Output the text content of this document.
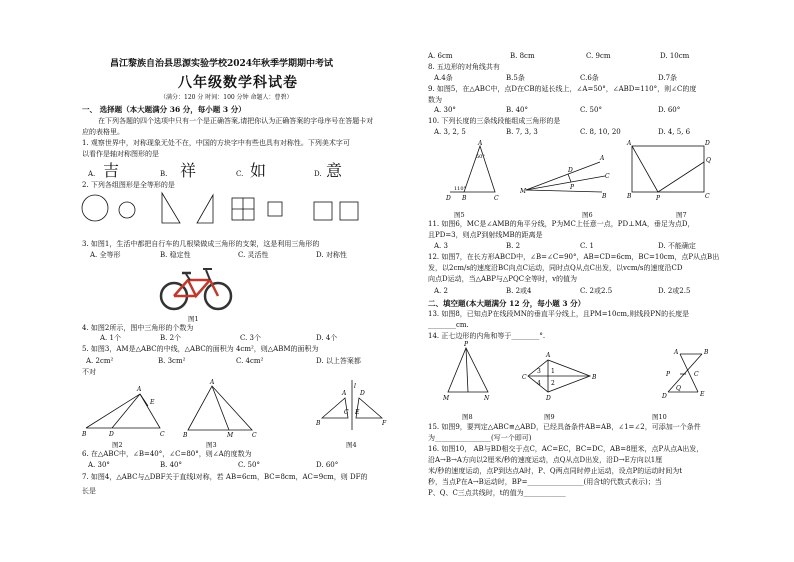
昌江黎族自治县思源实验学校2024年秋季学期期中考试
八年级数学科试卷
（满分：120 分 时间：100 分钟 命题人：曹碧）
一、 选择题（本大题满分 36 分，每小题 3 分）
在下列各题的四个选项中只有一个是正确答案,请把你认为正确答案的字母序号在答题卡对
应的表格里。
1. 观察世界中，对称现象无处不在，中国的方块字中有些也具有对称性。下列美术字可
以看作是轴对称图形的是
A. 吉	B. 祥	C. 如	D. 意
2. 下列各组图形是全等形的是
3. 如图1，生活中都把自行车的几根梁做成三角形的支架，这是利用三角形的
A. 全等形	B. 稳定性	C. 灵活性	D. 对称性
图1
4. 如图2所示，图中三角形的个数为
A. 1个	B. 2个	C. 3个	D. 4个
5. 如图3，AM是△ABC的中线，△ABC的面积为 4cm²，则△ABM的面积为
A. 2cm²	B. 3cm²	C. 4cm²	D. 以上答案都
不对
A
B	D	C
E
A
B	M	C
A D
B	F
C E
l
图2	图3	图4
6. 在△ABC中，∠B=40°，∠C=80°，则∠A的度数为
A. 30°	B. 40°	C. 50°	D. 60°
7. 如图4，△ABC与△DBF关于直线l对称，若 AB=6cm，BC=8cm，AC=9cm，则 DF的
长是
A. 6cm	B. 8cm	C. 9cm	D. 10cm
8. 五边形的对角线共有
A.4条	B.5条	C.6条	D.7条
9. 如图5，在△ABC中，点D在CB的延长线上，∠A=50°，∠ABD=110°，则∠C的度
数为
A. 30°	B. 40°	C. 50°	D. 60°
10. 下列长度的三条线段能组成三角形的是
A. 3, 2, 5	B. 7, 3, 3	C. 8, 10, 20	D. 4, 5, 6
A
D B	C
110°
50°
M
A
C
B
D
P
A	D
B	P	C
Q
图5	图6	图7
11. 如图6，MC是∠AMB的角平分线，P为MC上任意一点，PD⊥MA，垂足为点D，
且PD=3，则点P到射线MB的距离是
A. 3	B. 2	C. 1	D. 不能确定
12. 如图7，在长方形ABCD中，∠B=∠C=90°，AB=CD=6cm，BC=10cm，点P从点B出
发，以2cm/s的速度沿BC向点C运动，同时点Q从点C出发，以vcm/s的速度沿CD
向点D运动，当△ABP与△PQC全等时，v的值为
A. 2	B. 2或4	C. 2或2.5	D. 2或2.5
二、填空题(本大题满分 12 分，每小题 3 分）
13. 如图8，已知点P在线段MN的垂直平分线上，且PM=10cm,则线段PN的长度是
________cm.
14. 正七边形的内角和等于________°.
P
M	N
C
A
B
D
1
2
3
4
A	B
P	C
D	E
Q
图8	图9	图10
15. 如图9，要判定△ABC≌△ABD，已经具备条件AB=AB，∠1=∠2，可添加一个条件
为________________(写一个即可)
16. 如图10， AB与BD相交于点C，AC=EC，BC=DC，AB=8厘米，点P从点A出发，
沿A→B→A方向以2厘米/秒的速度运动，点Q从点D出发，沿D→E方向以1厘
米/秒的速度运动，点P到达点A时，P、Q两点同时停止运动，设点P的运动时间为t
秒，当点P在A→B运动时，BP=________________(用含t的代数式表示)；当
P、Q、C三点共线时，t的值为____________
